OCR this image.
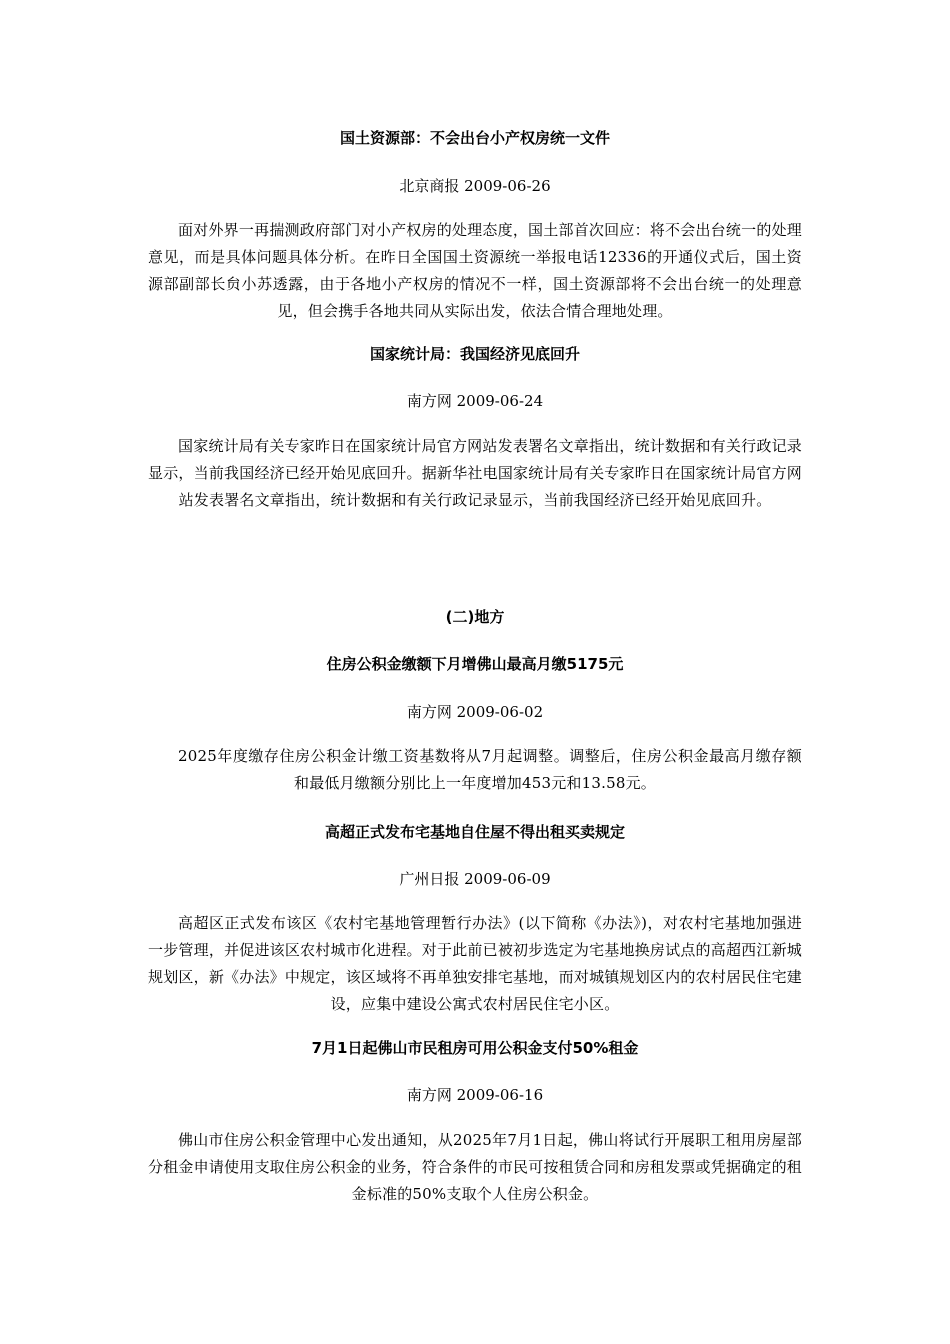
国土资源部：不会出台小产权房统一文件
北京商报 2009-06-26

面对外界一再揣测政府部门对小产权房的处理态度，国土部首次回应：将不会出台统一的处理意见，而是具体问题具体分析。在昨日全国国土资源统一举报电话12336的开通仪式后，国土资源部副部长贠小苏透露，由于各地小产权房的情况不一样，国土资源部将不会出台统一的处理意见，但会携手各地共同从实际出发，依法合情合理地处理。

国家统计局：我国经济见底回升
南方网 2009-06-24

国家统计局有关专家昨日在国家统计局官方网站发表署名文章指出，统计数据和有关行政记录显示，当前我国经济已经开始见底回升。据新华社电国家统计局有关专家昨日在国家统计局官方网站发表署名文章指出，统计数据和有关行政记录显示，当前我国经济已经开始见底回升。

(二)地方
住房公积金缴额下月增佛山最高月缴5175元
南方网 2009-06-02

2025年度缴存住房公积金计缴工资基数将从7月起调整。调整后，住房公积金最高月缴存额和最低月缴额分别比上一年度增加453元和13.58元。

高超正式发布宅基地自住屋不得出租买卖规定
广州日报 2009-06-09

高超区正式发布该区《农村宅基地管理暂行办法》(以下简称《办法》)，对农村宅基地加强进一步管理，并促进该区农村城市化进程。对于此前已被初步选定为宅基地换房试点的高超西江新城规划区，新《办法》中规定，该区域将不再单独安排宅基地，而对城镇规划区内的农村居民住宅建设，应集中建设公寓式农村居民住宅小区。

7月1日起佛山市民租房可用公积金支付50%租金
南方网 2009-06-16

佛山市住房公积金管理中心发出通知，从2025年7月1日起，佛山将试行开展职工租用房屋部分租金申请使用支取住房公积金的业务，符合条件的市民可按租赁合同和房租发票或凭据确定的租金标准的50%支取个人住房公积金。
